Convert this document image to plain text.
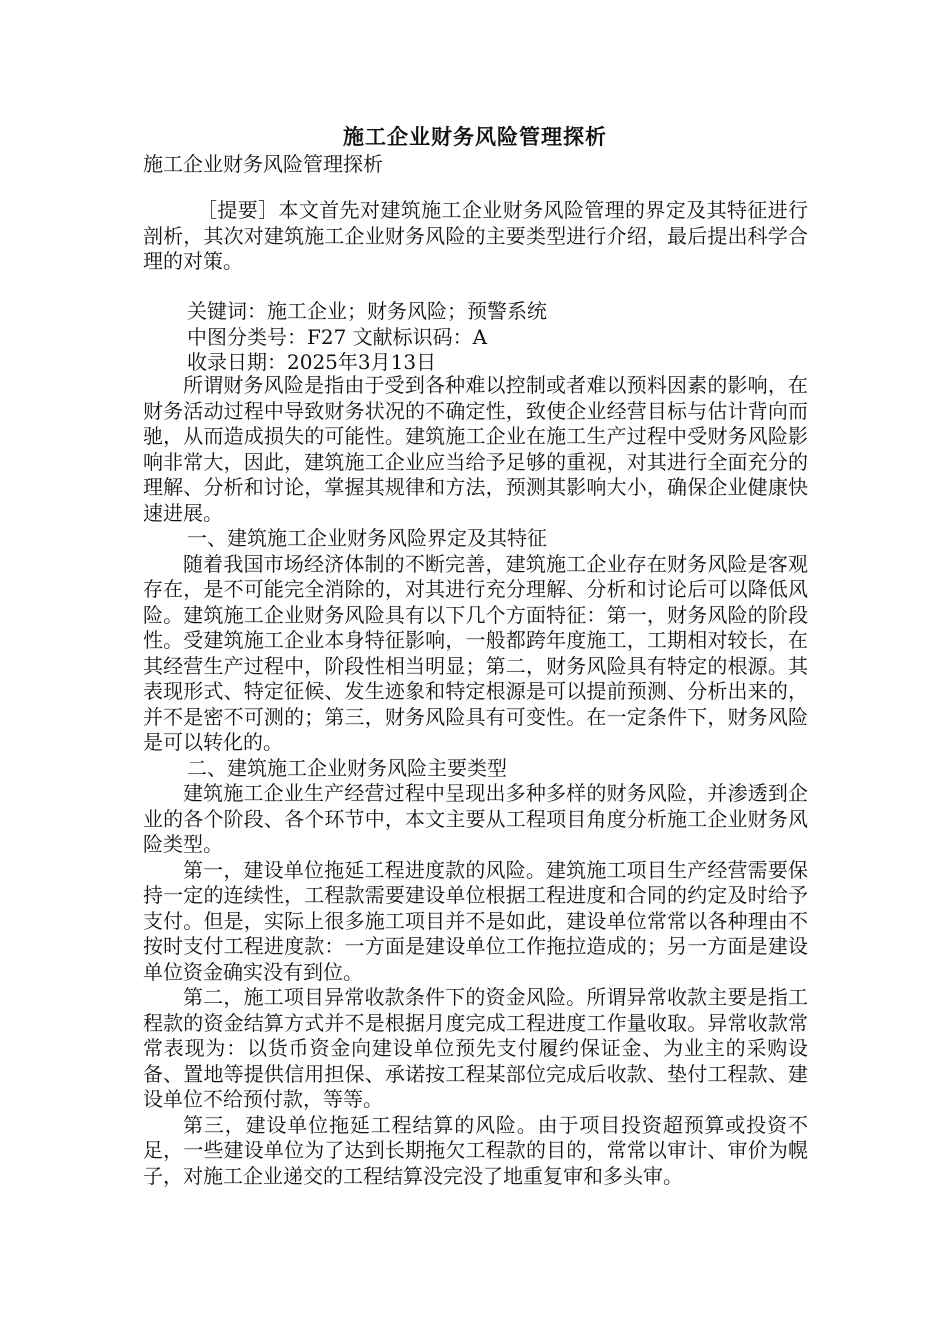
施工企业财务风险管理探析
施工企业财务风险管理探析
［提要］本文首先对建筑施工企业财务风险管理的界定及其特征进行剖析，其次对建筑施工企业财务风险的主要类型进行介绍，最后提出科学合理的对策。

关键词：施工企业；财务风险；预警系统

中图分类号：F27 文献标识码：A

收录日期：2025年3月13日

所谓财务风险是指由于受到各种难以控制或者难以预料因素的影响，在财务活动过程中导致财务状况的不确定性，致使企业经营目标与估计背向而驰，从而造成损失的可能性。建筑施工企业在施工生产过程中受财务风险影响非常大，因此，建筑施工企业应当给予足够的重视，对其进行全面充分的理解、分析和讨论，掌握其规律和方法，预测其影响大小，确保企业健康快速进展。

一、建筑施工企业财务风险界定及其特征

随着我国市场经济体制的不断完善，建筑施工企业存在财务风险是客观存在，是不可能完全消除的，对其进行充分理解、分析和讨论后可以降低风险。建筑施工企业财务风险具有以下几个方面特征：第一，财务风险的阶段性。受建筑施工企业本身特征影响，一般都跨年度施工，工期相对较长，在其经营生产过程中，阶段性相当明显；第二，财务风险具有特定的根源。其表现形式、特定征候、发生迹象和特定根源是可以提前预测、分析出来的，并不是密不可测的；第三，财务风险具有可变性。在一定条件下，财务风险是可以转化的。

二、建筑施工企业财务风险主要类型

建筑施工企业生产经营过程中呈现出多种多样的财务风险，并渗透到企业的各个阶段、各个环节中，本文主要从工程项目角度分析施工企业财务风险类型。

第一，建设单位拖延工程进度款的风险。建筑施工项目生产经营需要保持一定的连续性，工程款需要建设单位根据工程进度和合同的约定及时给予支付。但是，实际上很多施工项目并不是如此，建设单位常常以各种理由不按时支付工程进度款：一方面是建设单位工作拖拉造成的；另一方面是建设单位资金确实没有到位。

第二，施工项目异常收款条件下的资金风险。所谓异常收款主要是指工程款的资金结算方式并不是根据月度完成工程进度工作量收取。异常收款常常表现为：以货币资金向建设单位预先支付履约保证金、为业主的采购设备、置地等提供信用担保、承诺按工程某部位完成后收款、垫付工程款、建设单位不给预付款，等等。

第三，建设单位拖延工程结算的风险。由于项目投资超预算或投资不足，一些建设单位为了达到长期拖欠工程款的目的，常常以审计、审价为幌子，对施工企业递交的工程结算没完没了地重复审和多头审。
